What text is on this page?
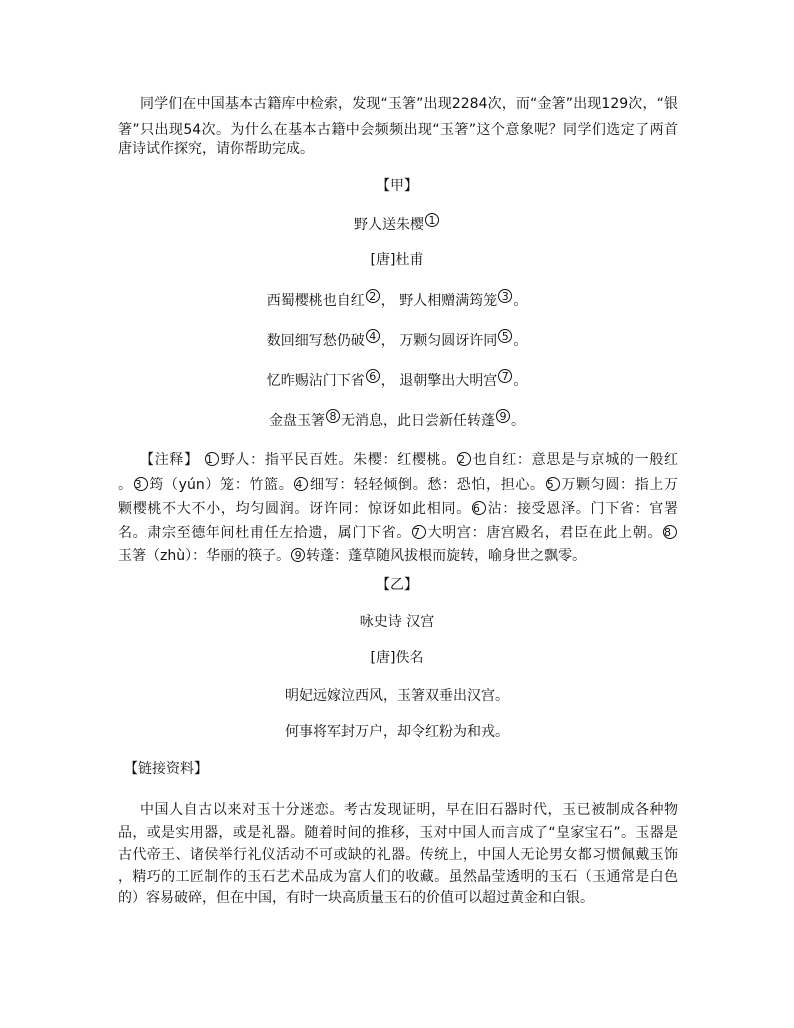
同学们在中国基本古籍库中检索，发现“玉箸”出现2284次，而“金箸”出现129次，“银
箸”只出现54次。为什么在基本古籍中会频频出现“玉箸”这个意象呢？同学们选定了两首
唐诗试作探究，请你帮助完成。
【甲】
野人送朱樱 1
[唐]杜甫
西蜀樱桃也自红 2 ， 野人相赠满筠笼 3 。
数回细写愁仍破 4 ， 万颗匀圆讶许同 5 。
忆昨赐沾门下省 6 ， 退朝擎出大明宫 7 。
金盘玉箸 8 无消息，此日尝新任转蓬 9 。
【注释】 1 野人：指平民百姓。朱樱：红樱桃。 2 也自红：意思是与京城的一般红
。 3 筠（yún）笼：竹篮。 4 细写：轻轻倾倒。愁：恐怕，担心。 5 万颗匀圆：指上万
颗樱桃不大不小，均匀圆润。讶许同：惊讶如此相同。 6 沾：接受恩泽。门下省：官署
名。肃宗至德年间杜甫任左拾遗，属门下省。 7 大明宫：唐宫殿名，君臣在此上朝。 8
玉箸（zhù）：华丽的筷子。 9 转蓬：蓬草随风拔根而旋转，喻身世之飘零。
【乙】
咏史诗 汉宫
[唐]佚名
明妃远嫁泣西风，玉箸双垂出汉宫。
何事将军封万户，却令红粉为和戎。
【链接资料】
中国人自古以来对玉十分迷恋。考古发现证明，早在旧石器时代，玉已被制成各种物
品，或是实用器，或是礼器。随着时间的推移，玉对中国人而言成了“皇家宝石”。玉器是
古代帝王、诸侯举行礼仪活动不可或缺的礼器。传统上，中国人无论男女都习惯佩戴玉饰
，精巧的工匠制作的玉石艺术品成为富人们的收藏。虽然晶莹透明的玉石（玉通常是白色
的）容易破碎，但在中国，有时一块高质量玉石的价值可以超过黄金和白银。
